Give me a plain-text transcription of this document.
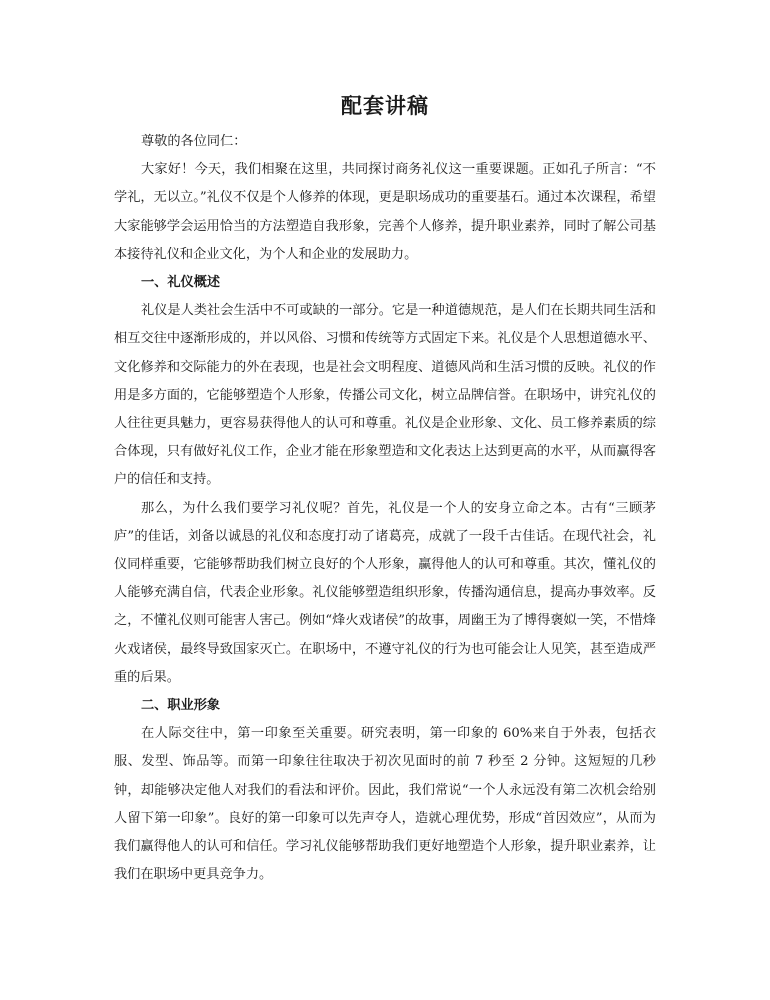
配套讲稿

尊敬的各位同仁：

大家好！今天，我们相聚在这里，共同探讨商务礼仪这一重要课题。正如孔子所言：“不学礼，无以立。”礼仪不仅是个人修养的体现，更是职场成功的重要基石。通过本次课程，希望大家能够学会运用恰当的方法塑造自我形象，完善个人修养，提升职业素养，同时了解公司基本接待礼仪和企业文化，为个人和企业的发展助力。

一、礼仪概述

礼仪是人类社会生活中不可或缺的一部分。它是一种道德规范，是人们在长期共同生活和相互交往中逐渐形成的，并以风俗、习惯和传统等方式固定下来。礼仪是个人思想道德水平、文化修养和交际能力的外在表现，也是社会文明程度、道德风尚和生活习惯的反映。礼仪的作用是多方面的，它能够塑造个人形象，传播公司文化，树立品牌信誉。在职场中，讲究礼仪的人往往更具魅力，更容易获得他人的认可和尊重。礼仪是企业形象、文化、员工修养素质的综合体现，只有做好礼仪工作，企业才能在形象塑造和文化表达上达到更高的水平，从而赢得客户的信任和支持。

那么，为什么我们要学习礼仪呢？首先，礼仪是一个人的安身立命之本。古有“三顾茅庐”的佳话，刘备以诚恳的礼仪和态度打动了诸葛亮，成就了一段千古佳话。在现代社会，礼仪同样重要，它能够帮助我们树立良好的个人形象，赢得他人的认可和尊重。其次，懂礼仪的人能够充满自信，代表企业形象。礼仪能够塑造组织形象，传播沟通信息，提高办事效率。反之，不懂礼仪则可能害人害己。例如“烽火戏诸侯”的故事，周幽王为了博得褒姒一笑，不惜烽火戏诸侯，最终导致国家灭亡。在职场中，不遵守礼仪的行为也可能会让人见笑，甚至造成严重的后果。

二、职业形象

在人际交往中，第一印象至关重要。研究表明，第一印象的 60%来自于外表，包括衣服、发型、饰品等。而第一印象往往取决于初次见面时的前 7 秒至 2 分钟。这短短的几秒钟，却能够决定他人对我们的看法和评价。因此，我们常说“一个人永远没有第二次机会给别人留下第一印象”。良好的第一印象可以先声夺人，造就心理优势，形成“首因效应”，从而为我们赢得他人的认可和信任。学习礼仪能够帮助我们更好地塑造个人形象，提升职业素养，让我们在职场中更具竞争力。
